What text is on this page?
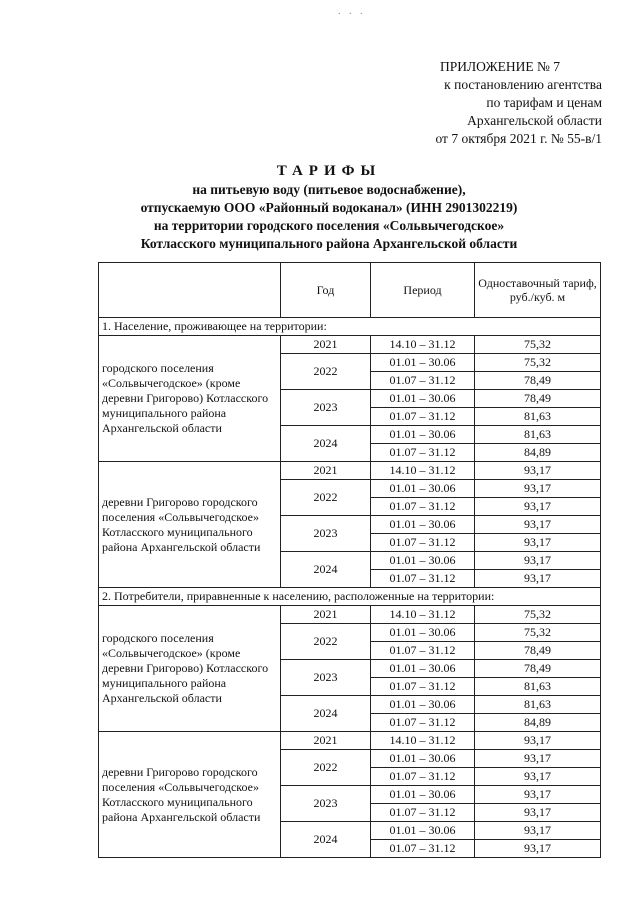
. . .
ПРИЛОЖЕНИЕ № 7
к постановлению агентства
по тарифам и ценам
Архангельской области
от 7 октября 2021 г. № 55-в/1
ТАРИФЫ
на питьевую воду (питьевое водоснабжение),
отпускаемую ООО «Районный водоканал» (ИНН 2901302219)
на территории городского поселения «Сольвычегодское»
Котласского муниципального района Архангельской области
	Год	Период	Одноставочный тариф, руб./куб. м
1. Население, проживающее на территории:			
городского поселения «Сольвычегодское» (кроме деревни Григорово) Котласского муниципального района Архангельской области	2021	14.10 – 31.12	75,32
	2022	01.01 – 30.06	75,32
		01.07 – 31.12	78,49
	2023	01.01 – 30.06	78,49
		01.07 – 31.12	81,63
	2024	01.01 – 30.06	81,63
		01.07 – 31.12	84,89
деревни Григорово городского поселения «Сольвычегодское» Котласского муниципального района Архангельской области	2021	14.10 – 31.12	93,17
	2022	01.01 – 30.06	93,17
		01.07 – 31.12	93,17
	2023	01.01 – 30.06	93,17
		01.07 – 31.12	93,17
	2024	01.01 – 30.06	93,17
		01.07 – 31.12	93,17
2. Потребители, приравненные к населению, расположенные на территории:			
городского поселения «Сольвычегодское» (кроме деревни Григорово) Котласского муниципального района Архангельской области	2021	14.10 – 31.12	75,32
	2022	01.01 – 30.06	75,32
		01.07 – 31.12	78,49
	2023	01.01 – 30.06	78,49
		01.07 – 31.12	81,63
	2024	01.01 – 30.06	81,63
		01.07 – 31.12	84,89
деревни Григорово городского поселения «Сольвычегодское» Котласского муниципального района Архангельской области	2021	14.10 – 31.12	93,17
	2022	01.01 – 30.06	93,17
		01.07 – 31.12	93,17
	2023	01.01 – 30.06	93,17
		01.07 – 31.12	93,17
	2024	01.01 – 30.06	93,17
		01.07 – 31.12	93,17
